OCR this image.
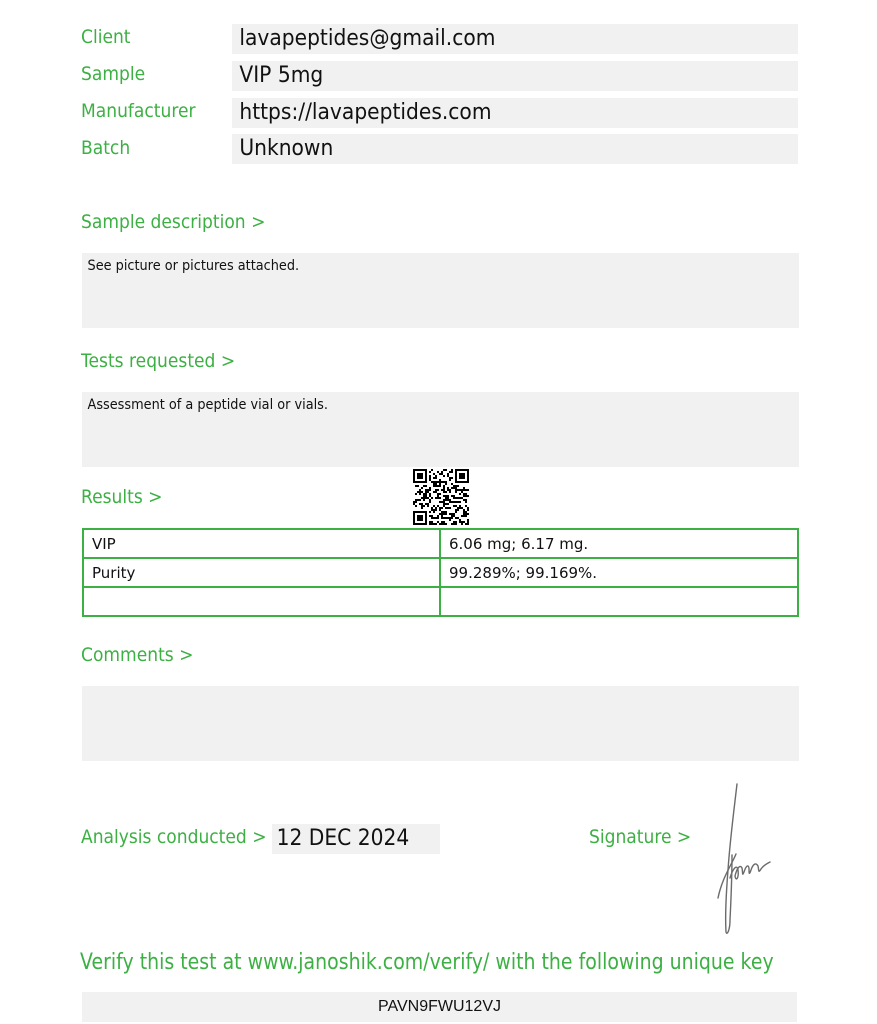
Client	lavapeptides@gmail.com
Sample	VIP 5mg
Manufacturer	https://lavapeptides.com
Batch	Unknown
Sample description >
See picture or pictures attached.
Tests requested >
Assessment of a peptide vial or vials.
Results >
VIP	6.06 mg; 6.17 mg.
Purity	99.289%; 99.169%.

Comments >
Analysis conducted > 12 DEC 2024	Signature >
Verify this test at www.janoshik.com/verify/ with the following unique key
PAVN9FWU12VJ
